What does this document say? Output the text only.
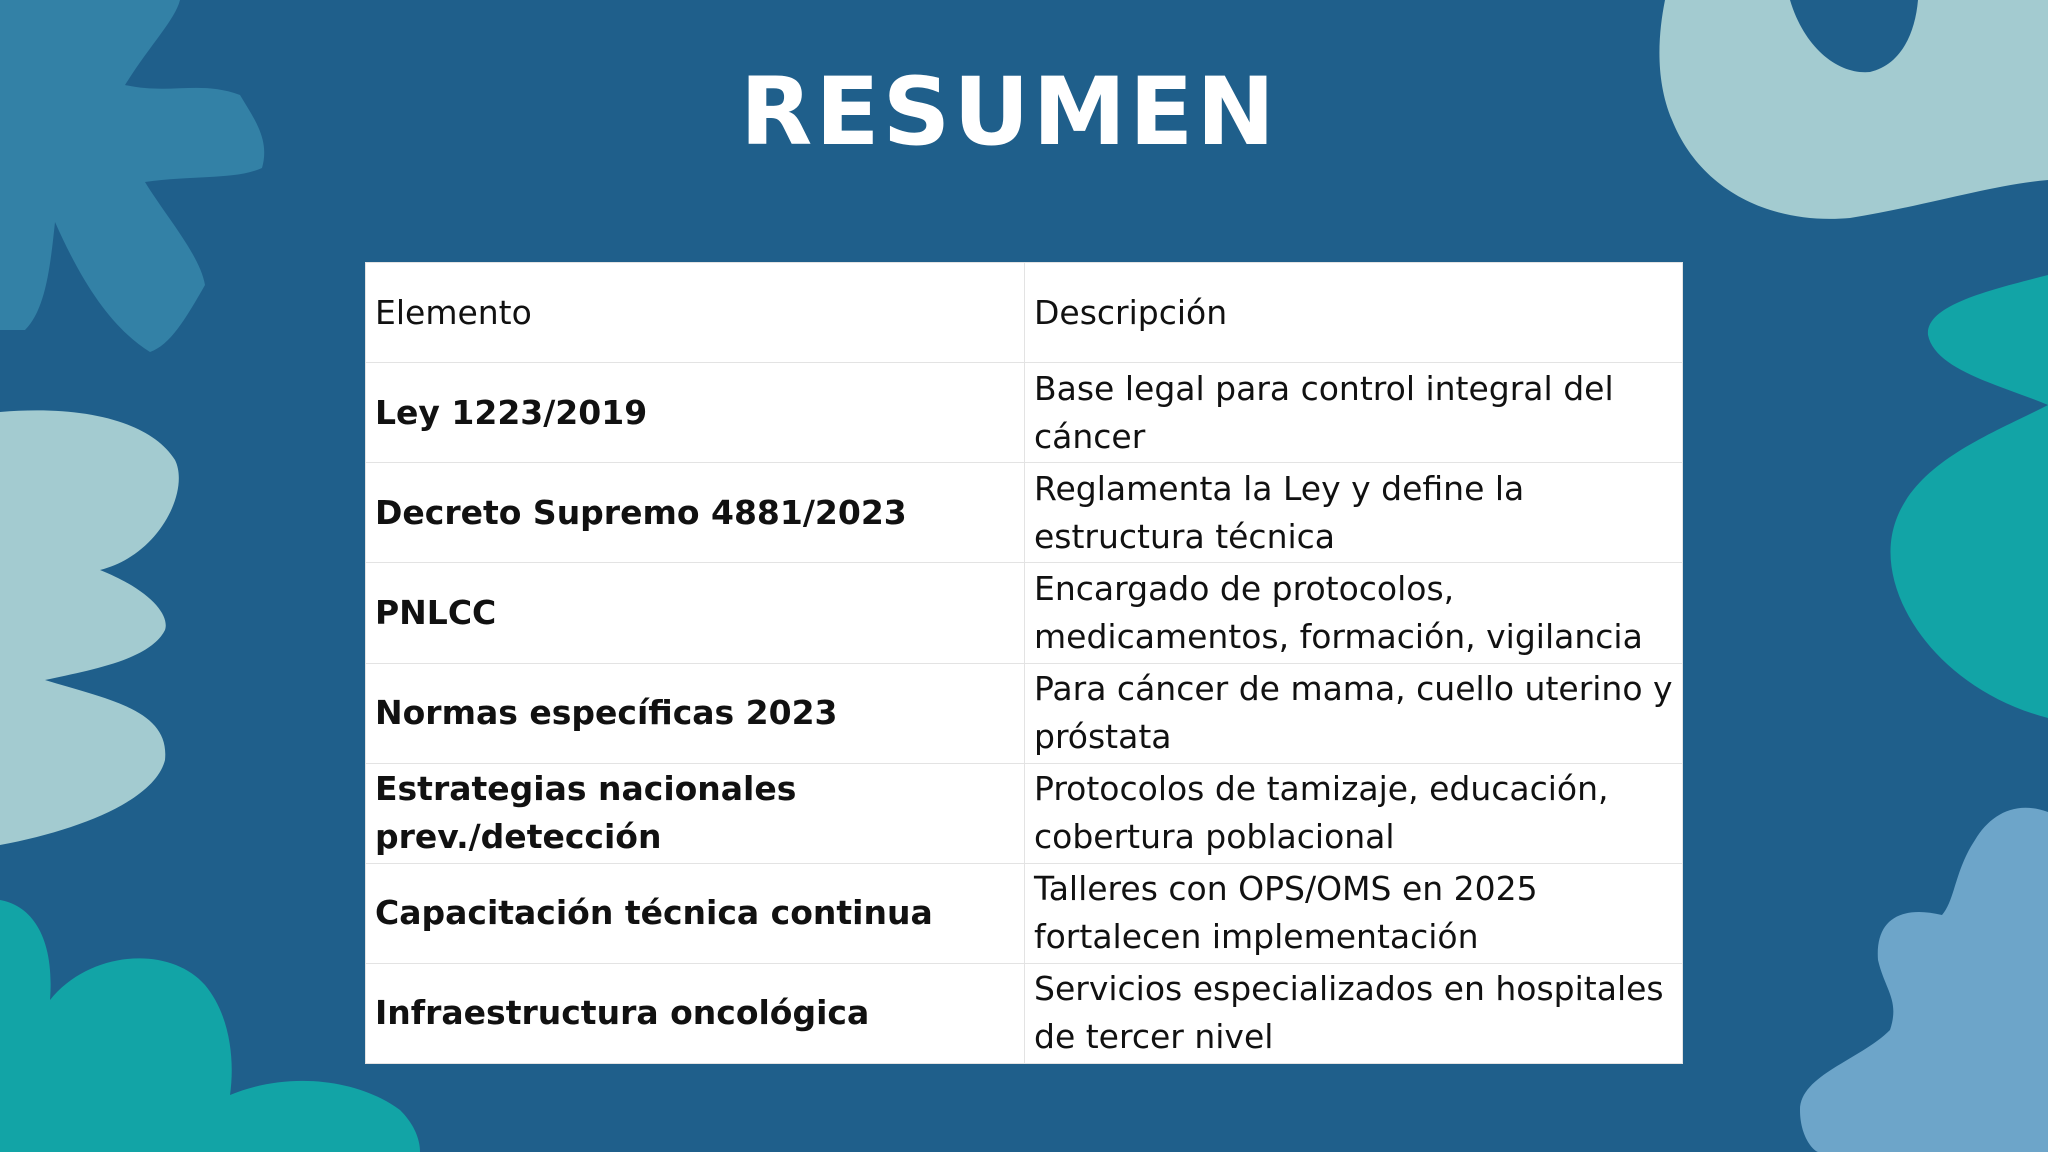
RESUMEN
Elemento	Descripción
Ley 1223/2019	Base legal para control integral del cáncer
Decreto Supremo 4881/2023	Reglamenta la Ley y define la estructura técnica
PNLCC	Encargado de protocolos, medicamentos, formación, vigilancia
Normas específicas 2023	Para cáncer de mama, cuello uterino y próstata
Estrategias nacionales prev./detección	Protocolos de tamizaje, educación, cobertura poblacional
Capacitación técnica continua	Talleres con OPS/OMS en 2025 fortalecen implementación
Infraestructura oncológica	Servicios especializados en hospitales de tercer nivel
